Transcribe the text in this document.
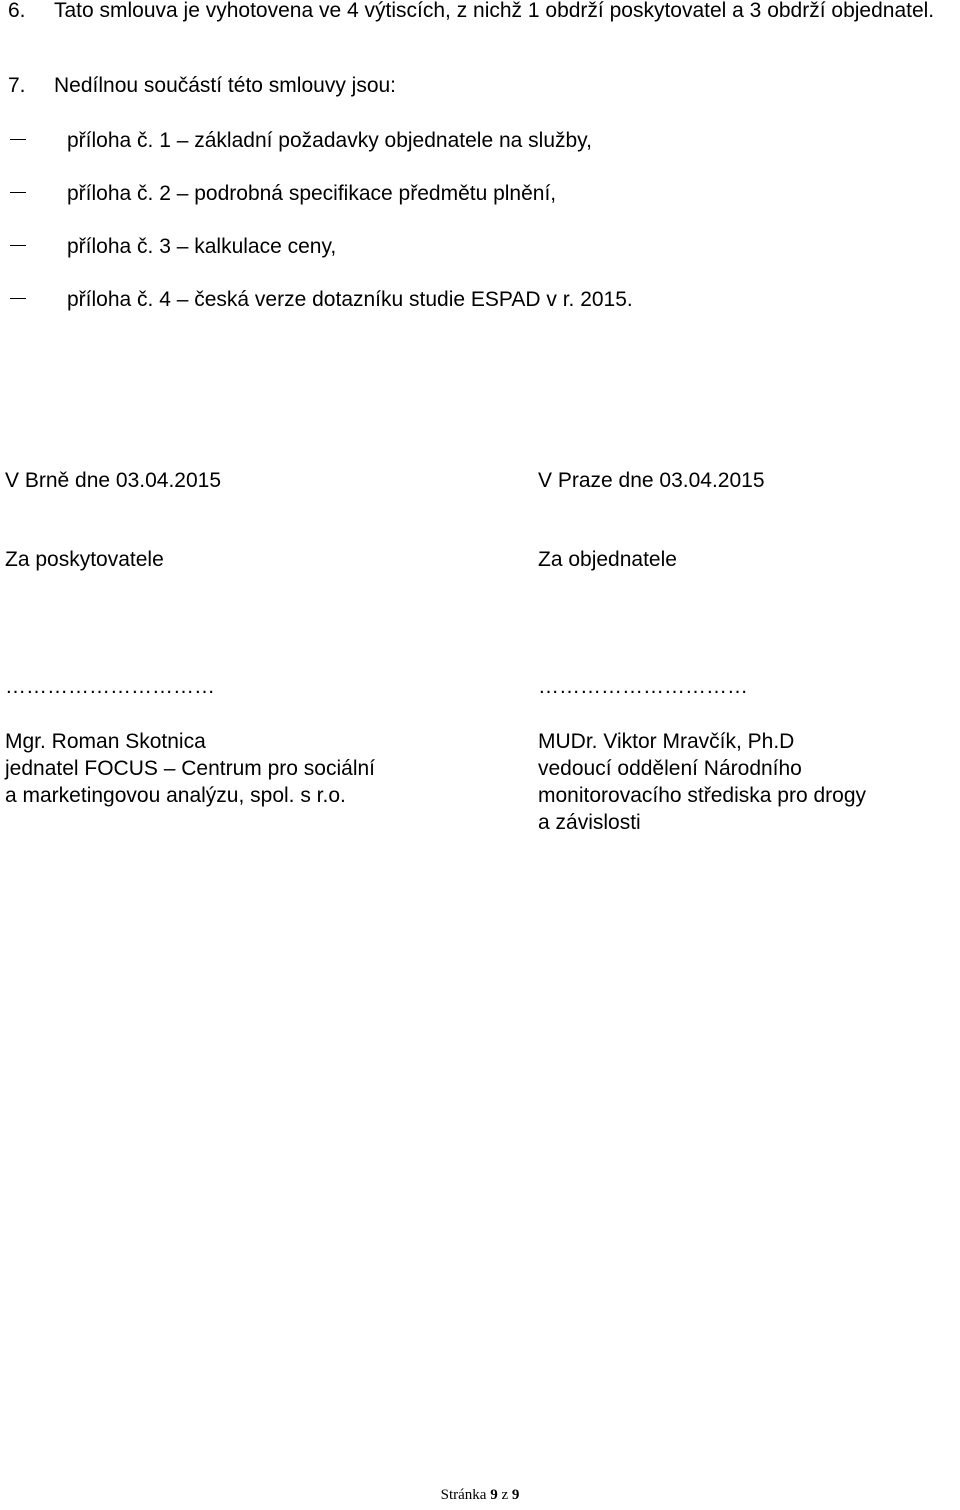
6.	Tato smlouva je vyhotovena ve 4 výtiscích, z nichž 1 obdrží poskytovatel a 3 obdrží objednatel.
7.	Nedílnou součástí této smlouvy jsou:
příloha č. 1 – základní požadavky objednatele na služby,
příloha č. 2 – podrobná specifikace předmětu plnění,
příloha č. 3 – kalkulace ceny,
příloha č. 4 – česká verze dotazníku studie ESPAD v r. 2015.
V Brně dne 03.04.2015
Za poskytovatele
…………………………
Mgr. Roman Skotnica
jednatel FOCUS – Centrum pro sociální
a marketingovou analýzu, spol. s r.o.
V Praze dne 03.04.2015
Za objednatele
…………………………
MUDr. Viktor Mravčík, Ph.D
vedoucí oddělení Národního
monitorovacího střediska pro drogy
a závislosti
Stránka 9 z 9
